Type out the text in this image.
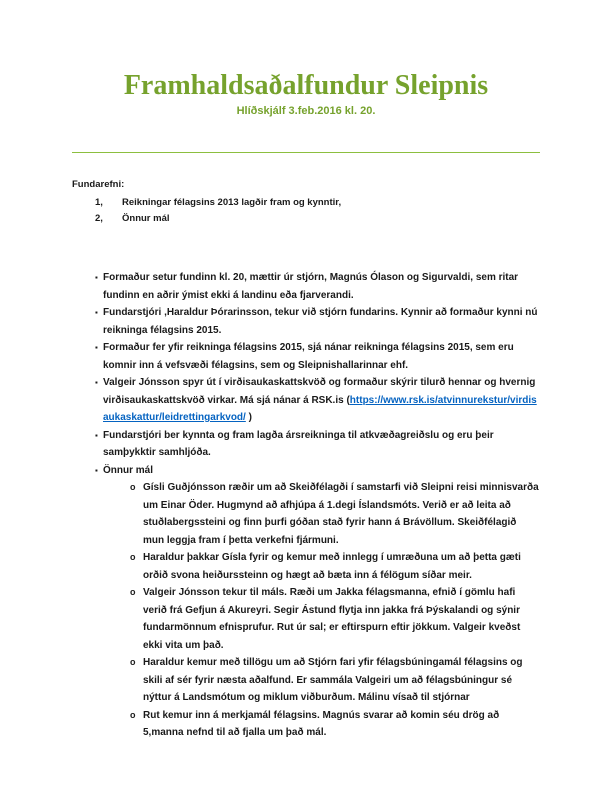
Framhaldsaðalfundur Sleipnis
Hlíðskjálf 3.feb.2016 kl. 20.
Fundarefni:
1, Reikningar félagsins 2013 lagðir fram og kynntir,
2, Önnur mál
▪ Formaður setur fundinn kl. 20, mættir úr stjórn, Magnús Ólason og Sigurvaldi, sem ritar fundinn en aðrir ýmist ekki á landinu eða fjarverandi.
▪ Fundarstjóri ,Haraldur Þórarinsson, tekur við stjórn fundarins. Kynnir að formaður kynni nú reikninga félagsins 2015.
▪ Formaður fer yfir reikninga félagsins 2015, sjá nánar reikninga félagsins 2015, sem eru komnir inn á vefsvæði félagsins, sem og Sleipnishallarinnar ehf.
▪ Valgeir Jónsson spyr út í virðisaukaskattskvöð og formaður skýrir tilurð hennar og hvernig virðisaukaskattskvöð virkar. Má sjá nánar á RSK.is (https://www.rsk.is/atvinnurekstur/virdisaukaskattur/leidrettingarkvod/ )
▪ Fundarstjóri ber kynnta og fram lagða ársreikninga til atkvæðagreiðslu og eru þeir samþykktir samhljóða.
▪ Önnur mál
o Gísli Guðjónsson ræðir um að Skeiðfélagði í samstarfi við Sleipni reisi minnisvarða um Einar Öder. Hugmynd að afhjúpa á 1.degi Íslandsmóts. Verið er að leita að stuðlabergssteini og finn þurfi góðan stað fyrir hann á Brávöllum. Skeiðfélagið mun leggja fram í þetta verkefni fjármuni.
o Haraldur þakkar Gísla fyrir og kemur með innlegg í umræðuna um að þetta gæti orðið svona heiðurssteinn og hægt að bæta inn á félögum síðar meir.
o Valgeir Jónsson tekur til máls. Ræði um Jakka félagsmanna, efnið í gömlu hafi verið frá Gefjun á Akureyri. Segir Ástund flytja inn jakka frá Þýskalandi og sýnir fundarmönnum efnisprufur. Rut úr sal; er eftirspurn eftir jökkum. Valgeir kveðst ekki vita um það.
o Haraldur kemur með tillögu um að Stjórn fari yfir félagsbúningamál félagsins og skili af sér fyrir næsta aðalfund. Er sammála Valgeiri um að félagsbúningur sé nýttur á Landsmótum og miklum viðburðum. Málinu vísað til stjórnar
o Rut kemur inn á merkjamál félagsins. Magnús svarar að komin séu drög að 5,manna nefnd til að fjalla um það mál.
